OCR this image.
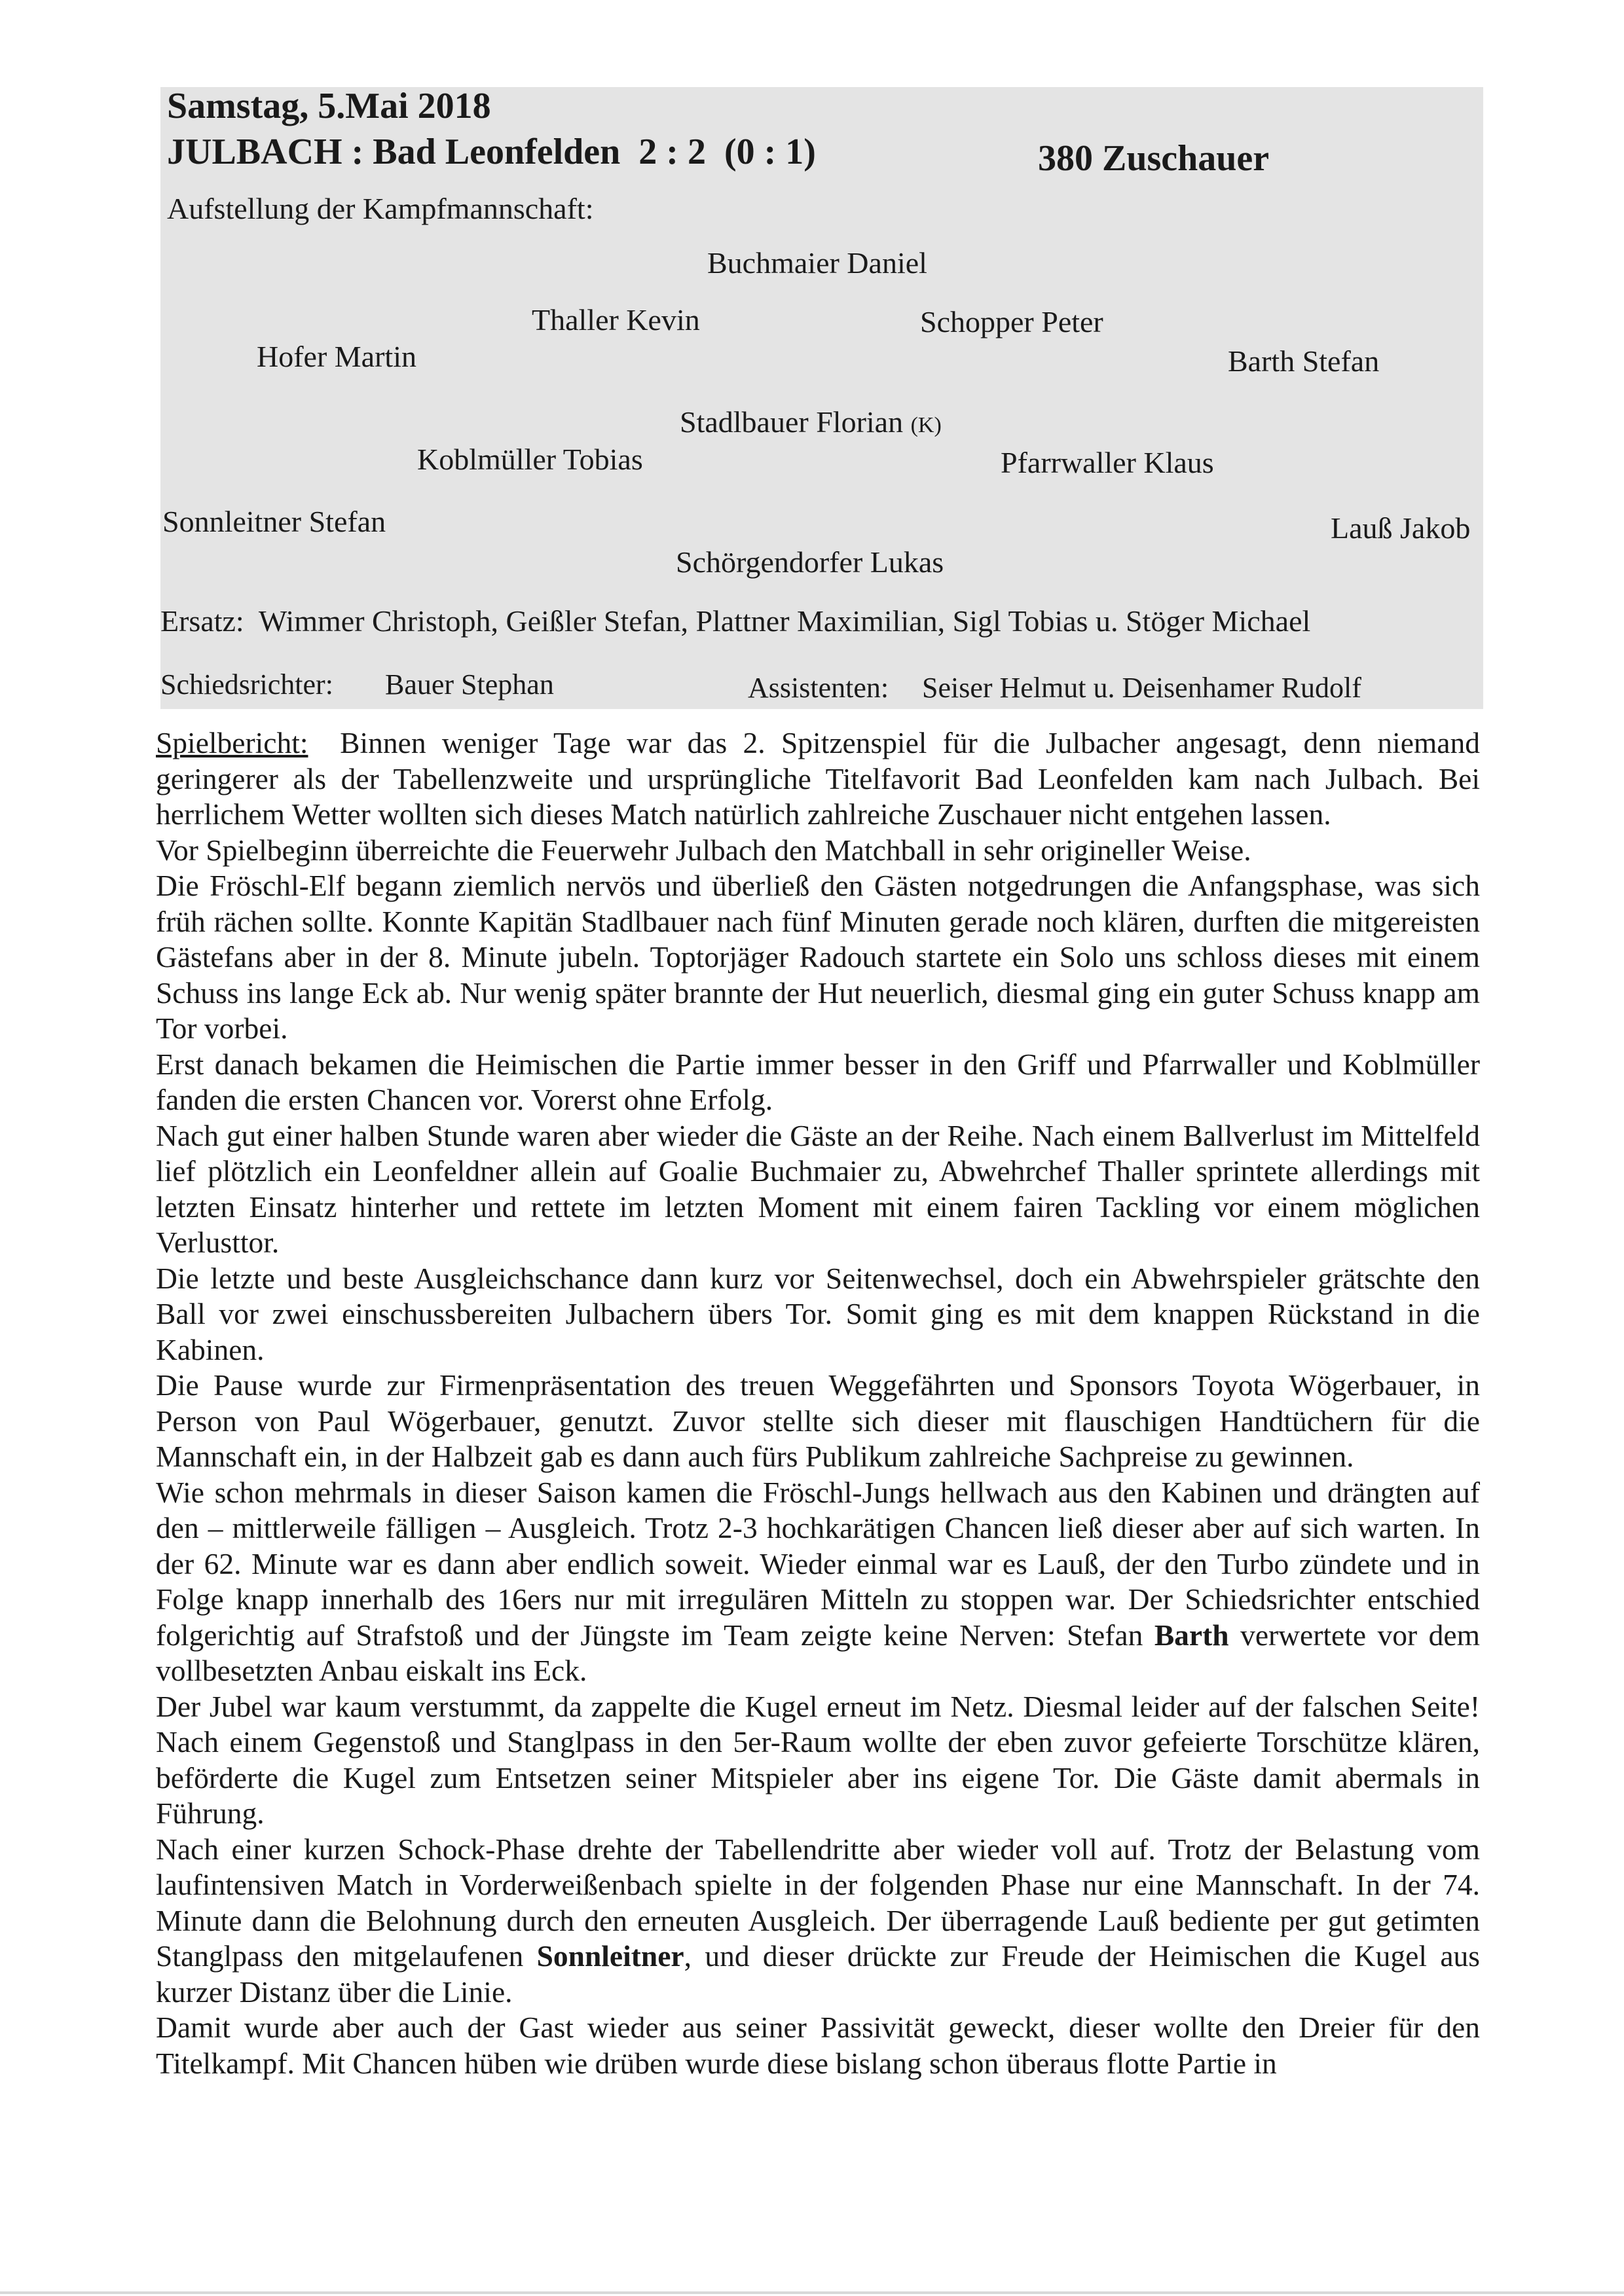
Samstag, 5.Mai 2018
JULBACH : Bad Leonfelden  2 : 2  (0 : 1)	380 Zuschauer
Aufstellung der Kampfmannschaft:
Buchmaier Daniel
Thaller Kevin	Schopper Peter
Hofer Martin	Barth Stefan
Stadlbauer Florian (K)
Koblmüller Tobias	Pfarrwaller Klaus
Sonnleitner Stefan	Lauß Jakob
Schörgendorfer Lukas
Ersatz:  Wimmer Christoph, Geißler Stefan, Plattner Maximilian, Sigl Tobias u. Stöger Michael
Schiedsrichter: Bauer Stephan	Assistenten: Seiser Helmut u. Deisenhamer Rudolf

Spielbericht: Binnen weniger Tage war das 2. Spitzenspiel für die Julbacher angesagt, denn niemand geringerer als der Tabellenzweite und ursprüngliche Titelfavorit Bad Leonfelden kam nach Julbach. Bei herrlichem Wetter wollten sich dieses Match natürlich zahlreiche Zuschauer nicht entgehen lassen.

Vor Spielbeginn überreichte die Feuerwehr Julbach den Matchball in sehr origineller Weise.

Die Fröschl-Elf begann ziemlich nervös und überließ den Gästen notgedrungen die Anfangsphase, was sich früh rächen sollte. Konnte Kapitän Stadlbauer nach fünf Minuten gerade noch klären, durften die mitgereisten Gästefans aber in der 8. Minute jubeln. Toptorjäger Radouch startete ein Solo uns schloss dieses mit einem Schuss ins lange Eck ab. Nur wenig später brannte der Hut neuerlich, diesmal ging ein guter Schuss knapp am Tor vorbei.

Erst danach bekamen die Heimischen die Partie immer besser in den Griff und Pfarrwaller und Koblmüller fanden die ersten Chancen vor. Vorerst ohne Erfolg.

Nach gut einer halben Stunde waren aber wieder die Gäste an der Reihe. Nach einem Ballverlust im Mittelfeld lief plötzlich ein Leonfeldner allein auf Goalie Buchmaier zu, Abwehrchef Thaller sprintete allerdings mit letzten Einsatz hinterher und rettete im letzten Moment mit einem fairen Tackling vor einem möglichen Verlusttor.

Die letzte und beste Ausgleichschance dann kurz vor Seitenwechsel, doch ein Abwehrspieler grätschte den Ball vor zwei einschussbereiten Julbachern übers Tor. Somit ging es mit dem knappen Rückstand in die Kabinen.

Die Pause wurde zur Firmenpräsentation des treuen Weggefährten und Sponsors Toyota Wögerbauer, in Person von Paul Wögerbauer, genutzt. Zuvor stellte sich dieser mit flauschigen Handtüchern für die Mannschaft ein, in der Halbzeit gab es dann auch fürs Publikum zahlreiche Sachpreise zu gewinnen.

Wie schon mehrmals in dieser Saison kamen die Fröschl-Jungs hellwach aus den Kabinen und drängten auf den – mittlerweile fälligen – Ausgleich. Trotz 2-3 hochkarätigen Chancen ließ dieser aber auf sich warten. In der 62. Minute war es dann aber endlich soweit. Wieder einmal war es Lauß, der den Turbo zündete und in Folge knapp innerhalb des 16ers nur mit irregulären Mitteln zu stoppen war. Der Schiedsrichter entschied folgerichtig auf Strafstoß und der Jüngste im Team zeigte keine Nerven: Stefan Barth verwertete vor dem vollbesetzten Anbau eiskalt ins Eck.

Der Jubel war kaum verstummt, da zappelte die Kugel erneut im Netz. Diesmal leider auf der falschen Seite! Nach einem Gegenstoß und Stanglpass in den 5er-Raum wollte der eben zuvor gefeierte Torschütze klären, beförderte die Kugel zum Entsetzen seiner Mitspieler aber ins eigene Tor. Die Gäste damit abermals in Führung.

Nach einer kurzen Schock-Phase drehte der Tabellendritte aber wieder voll auf. Trotz der Belastung vom laufintensiven Match in Vorderweißenbach spielte in der folgenden Phase nur eine Mannschaft. In der 74. Minute dann die Belohnung durch den erneuten Ausgleich. Der überragende Lauß bediente per gut getimten Stanglpass den mitgelaufenen Sonnleitner, und dieser drückte zur Freude der Heimischen die Kugel aus kurzer Distanz über die Linie.

Damit wurde aber auch der Gast wieder aus seiner Passivität geweckt, dieser wollte den Dreier für den Titelkampf. Mit Chancen hüben wie drüben wurde diese bislang schon überaus flotte Partie in
